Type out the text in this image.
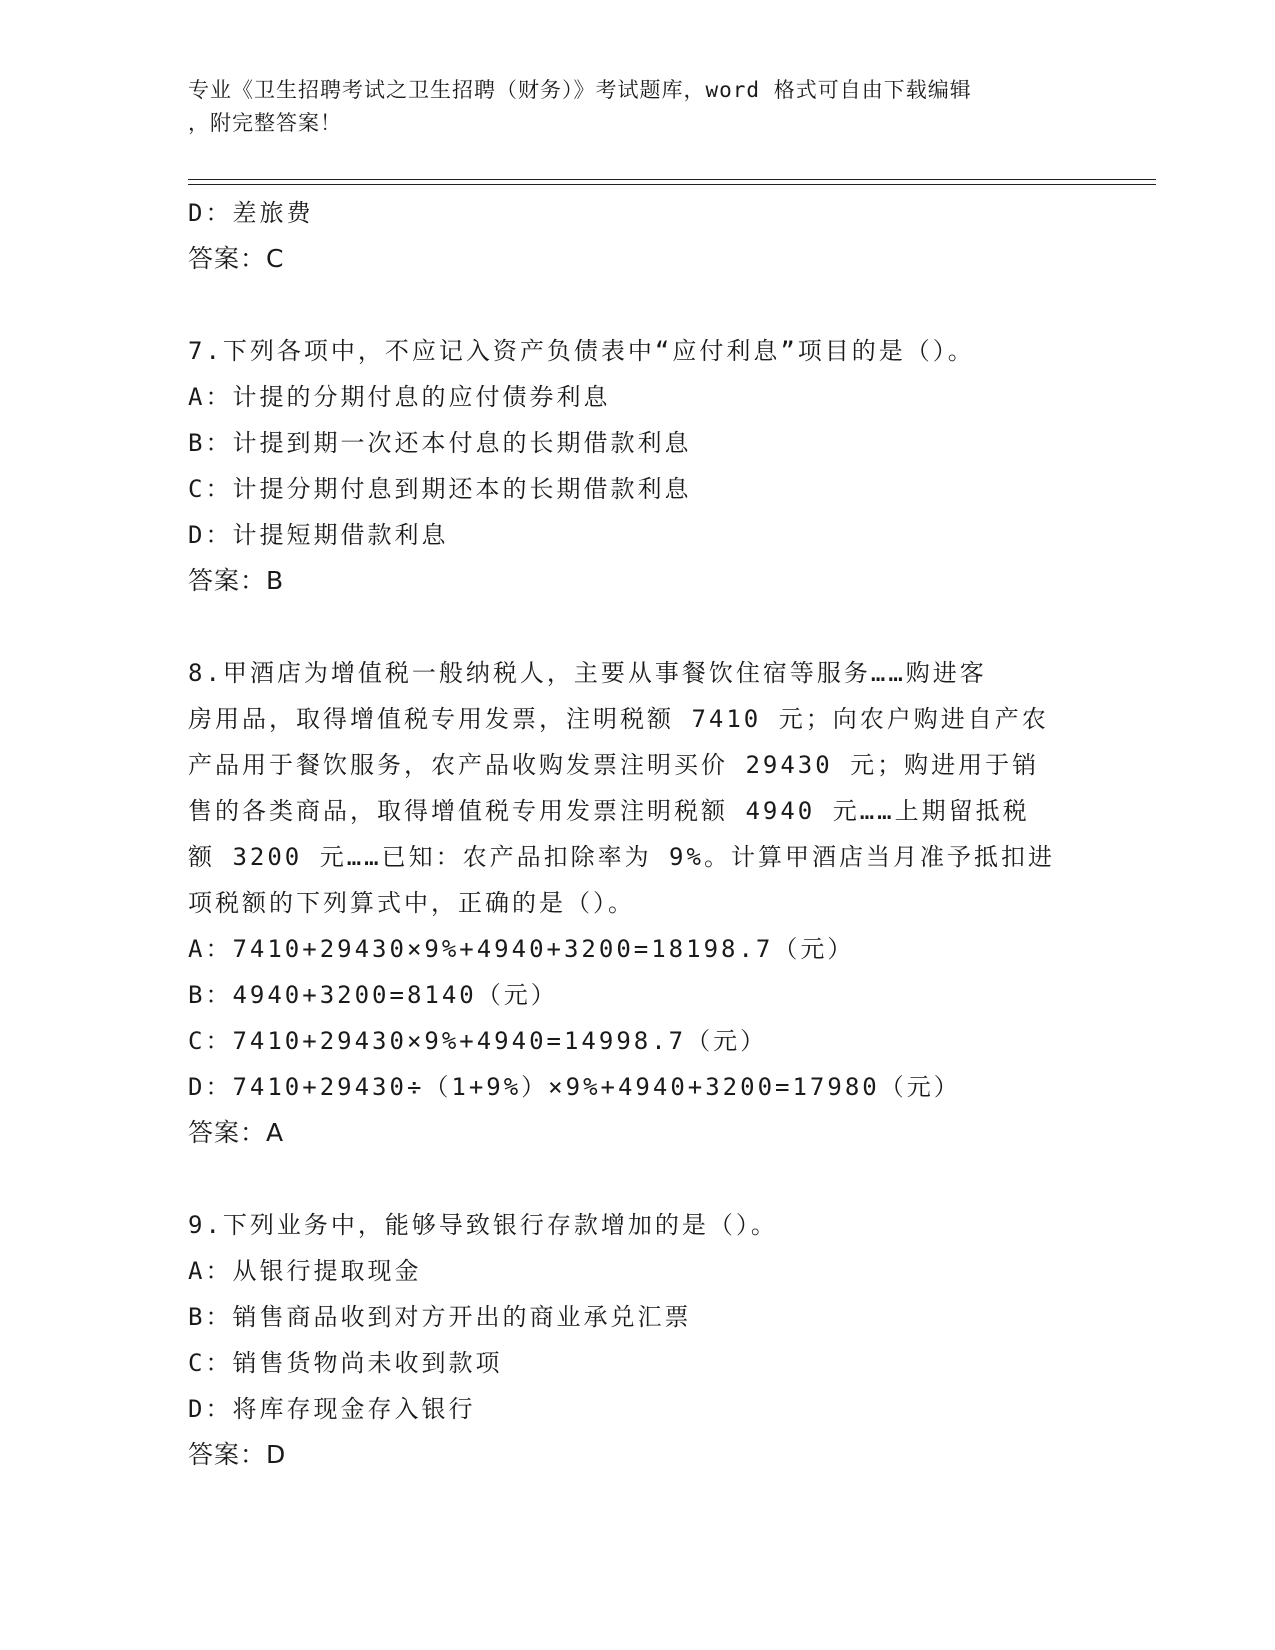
专业《卫生招聘考试之卫生招聘（财务）》考试题库，word 格式可自由下载编辑
，附完整答案！
D：差旅费
答案：C
7.下列各项中，不应记入资产负债表中“应付利息”项目的是（）。
A：计提的分期付息的应付债券利息
B：计提到期一次还本付息的长期借款利息
C：计提分期付息到期还本的长期借款利息
D：计提短期借款利息
答案：B
8.甲酒店为增值税一般纳税人，主要从事餐饮住宿等服务……购进客
房用品，取得增值税专用发票，注明税额 7410 元；向农户购进自产农
产品用于餐饮服务，农产品收购发票注明买价 29430 元；购进用于销
售的各类商品，取得增值税专用发票注明税额 4940 元……上期留抵税
额 3200 元……已知：农产品扣除率为 9%。计算甲酒店当月准予抵扣进
项税额的下列算式中，正确的是（）。
A：7410+29430×9%+4940+3200=18198.7（元）
B：4940+3200=8140（元）
C：7410+29430×9%+4940=14998.7（元）
D：7410+29430÷（1+9%）×9%+4940+3200=17980（元）
答案：A
9.下列业务中，能够导致银行存款增加的是（）。
A：从银行提取现金
B：销售商品收到对方开出的商业承兑汇票
C：销售货物尚未收到款项
D：将库存现金存入银行
答案：D
